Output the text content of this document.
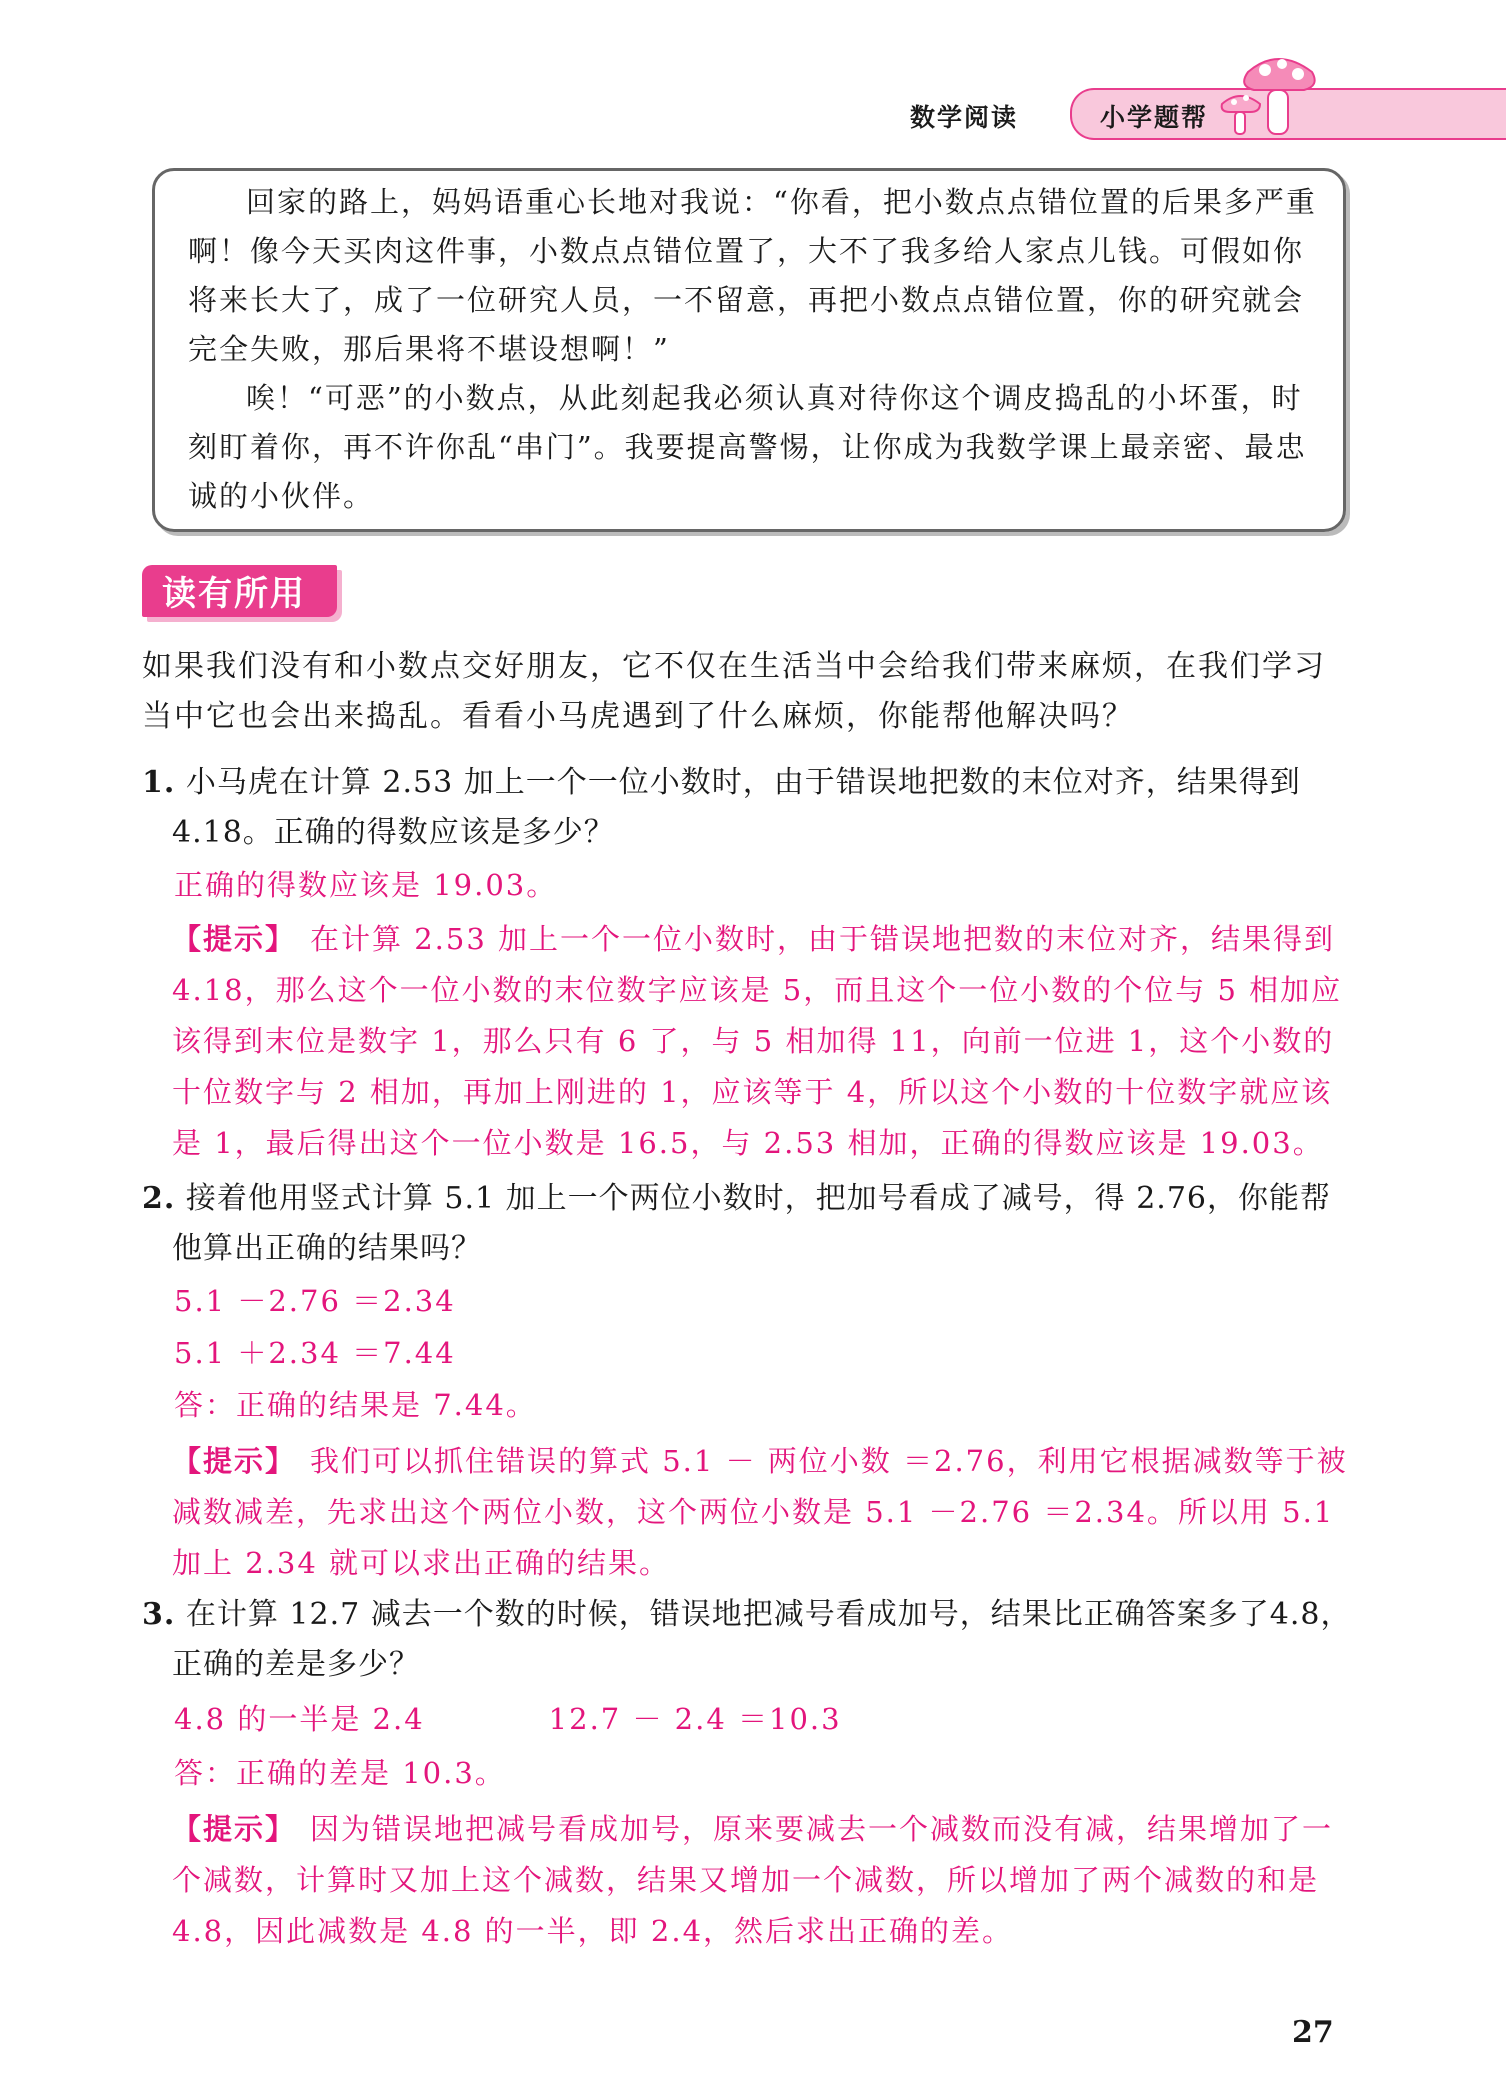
数学阅读	小学题帮

回家的路上，妈妈语重心长地对我说：“你看，把小数点点错位置的后果多严重啊！像今天买肉这件事，小数点点错位置了，大不了我多给人家点儿钱。可假如你将来长大了，成了一位研究人员，一不留意，再把小数点点错位置，你的研究就会完全失败，那后果将不堪设想啊！”

唉！“可恶”的小数点，从此刻起我必须认真对待你这个调皮捣乱的小坏蛋，时刻盯着你，再不许你乱“串门”。我要提高警惕，让你成为我数学课上最亲密、最忠诚的小伙伴。

读有所用

如果我们没有和小数点交好朋友，它不仅在生活当中会给我们带来麻烦，在我们学习当中它也会出来捣乱。看看小马虎遇到了什么麻烦，你能帮他解决吗？

1. 小马虎在计算 2.53 加上一个一位小数时，由于错误地把数的末位对齐，结果得到
4.18。正确的得数应该是多少？

正确的得数应该是 19.03。

【提示】 在计算 2.53 加上一个一位小数时，由于错误地把数的末位对齐，结果得到 4.18，那么这个一位小数的末位数字应该是 5，而且这个一位小数的个位与 5 相加应该得到末位是数字 1，那么只有 6 了，与 5 相加得 11，向前一位进 1，这个小数的十位数字与 2 相加，再加上刚进的 1，应该等于 4，所以这个小数的十位数字就应该是 1，最后得出这个一位小数是 16.5，与 2.53 相加，正确的得数应该是 19.03。

2. 接着他用竖式计算 5.1 加上一个两位小数时，把加号看成了减号，得 2.76，你能帮
他算出正确的结果吗？

5.1 －2.76 ＝2.34

5.1 ＋2.34 ＝7.44

答：正确的结果是 7.44。

【提示】 我们可以抓住错误的算式 5.1 － 两位小数 ＝2.76，利用它根据减数等于被减数减差，先求出这个两位小数，这个两位小数是 5.1 －2.76 ＝2.34。所以用 5.1 加上 2.34 就可以求出正确的结果。

3. 在计算 12.7 减去一个数的时候，错误地把减号看成加号，结果比正确答案多了4.8，
正确的差是多少？

4.8 的一半是 2.4　　　　12.7 － 2.4 ＝10.3

答：正确的差是 10.3。

【提示】 因为错误地把减号看成加号，原来要减去一个减数而没有减，结果增加了一个减数，计算时又加上这个减数，结果又增加一个减数，所以增加了两个减数的和是 4.8，因此减数是 4.8 的一半，即 2.4，然后求出正确的差。

27
